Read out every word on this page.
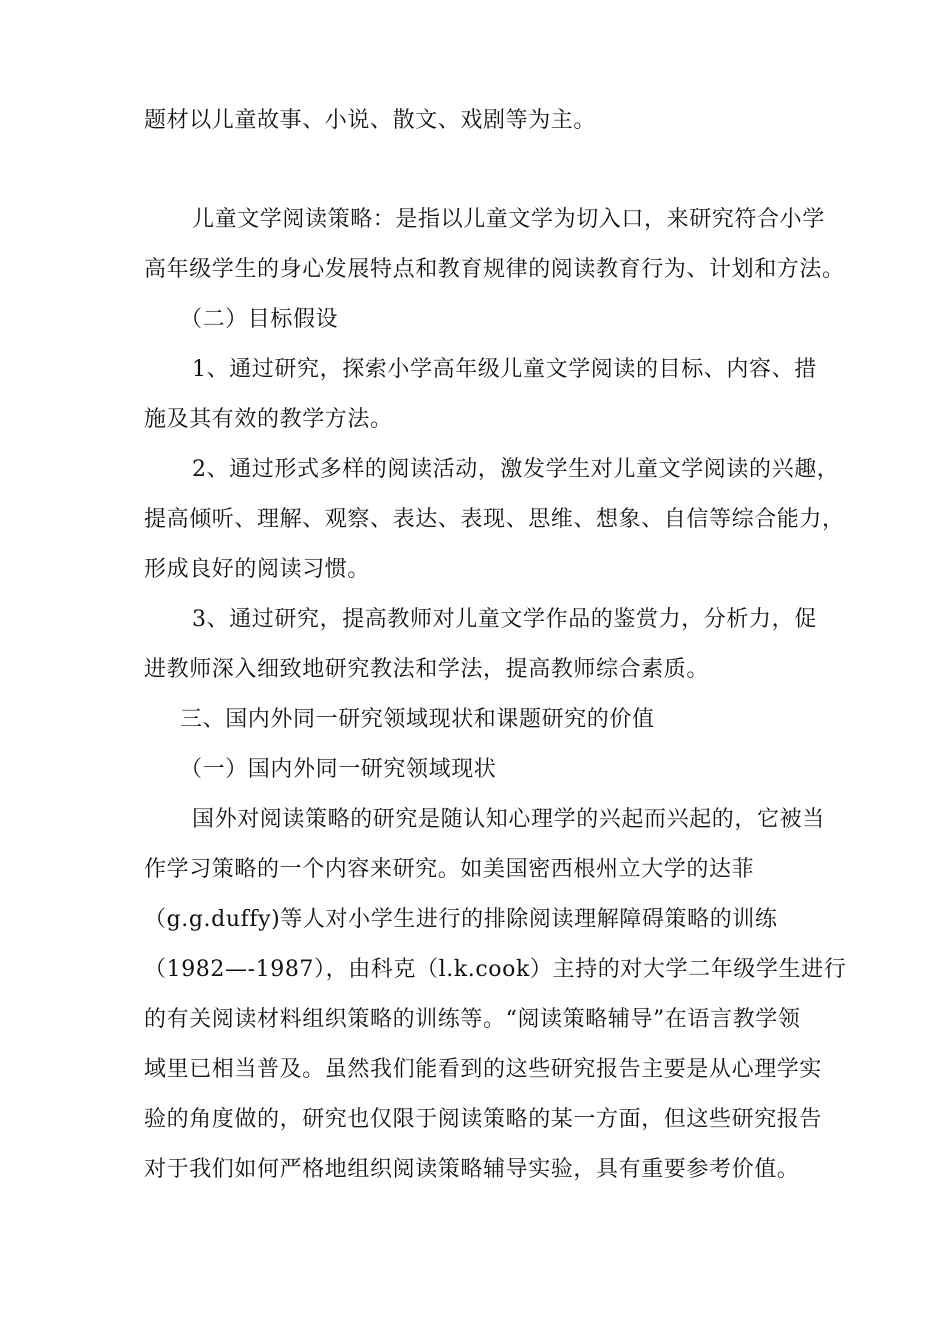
题材以儿童故事、小说、散文、戏剧等为主。
儿童文学阅读策略：是指以儿童文学为切入口，来研究符合小学
高年级学生的身心发展特点和教育规律的阅读教育行为、计划和方法。
（二）目标假设
1、通过研究，探索小学高年级儿童文学阅读的目标、内容、措
施及其有效的教学方法。
2、通过形式多样的阅读活动，激发学生对儿童文学阅读的兴趣，
提高倾听、理解、观察、表达、表现、思维、想象、自信等综合能力，
形成良好的阅读习惯。
3、通过研究，提高教师对儿童文学作品的鉴赏力，分析力，促
进教师深入细致地研究教法和学法，提高教师综合素质。
三、国内外同一研究领域现状和课题研究的价值
（一）国内外同一研究领域现状
国外对阅读策略的研究是随认知心理学的兴起而兴起的，它被当
作学习策略的一个内容来研究。如美国密西根州立大学的达菲
（g.g.duffy)等人对小学生进行的排除阅读理解障碍策略的训练
（1982—-1987），由科克（l.k.cook）主持的对大学二年级学生进行
的有关阅读材料组织策略的训练等。“阅读策略辅导”在语言教学领
域里已相当普及。虽然我们能看到的这些研究报告主要是从心理学实
验的角度做的，研究也仅限于阅读策略的某一方面，但这些研究报告
对于我们如何严格地组织阅读策略辅导实验，具有重要参考价值。
